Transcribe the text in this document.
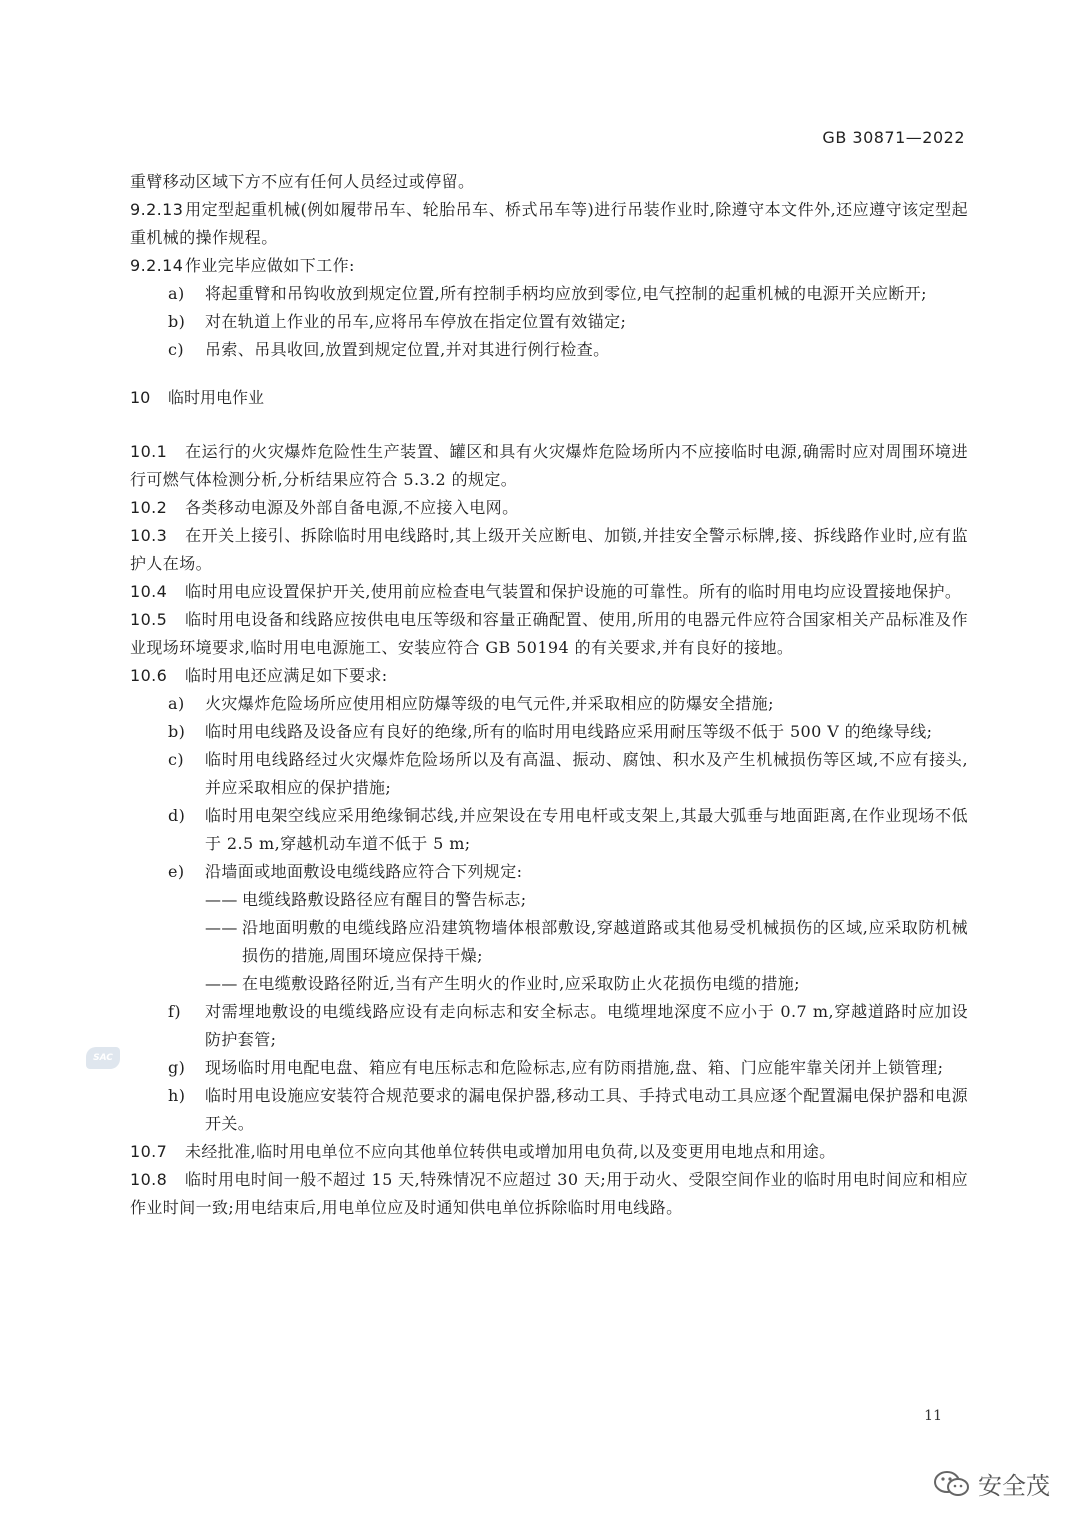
GB 30871—2022
SAC

重臂移动区域下方不应有任何人员经过或停留。

9.2.13 用定型起重机械(例如履带吊车、轮胎吊车、桥式吊车等)进行吊装作业时,除遵守本文件外,还应遵守该定型起重机械的操作规程。

9.2.14 作业完毕应做如下工作:

a) 将起重臂和吊钩收放到规定位置,所有控制手柄均应放到零位,电气控制的起重机械的电源开关应断开;

b) 对在轨道上作业的吊车,应将吊车停放在指定位置有效锚定;

c) 吊索、吊具收回,放置到规定位置,并对其进行例行检查。

10 临时用电作业

10.1 在运行的火灾爆炸危险性生产装置、罐区和具有火灾爆炸危险场所内不应接临时电源,确需时应对周围环境进行可燃气体检测分析,分析结果应符合 5.3.2 的规定。

10.2 各类移动电源及外部自备电源,不应接入电网。

10.3 在开关上接引、拆除临时用电线路时,其上级开关应断电、加锁,并挂安全警示标牌,接、拆线路作业时,应有监护人在场。

10.4 临时用电应设置保护开关,使用前应检查电气装置和保护设施的可靠性。所有的临时用电均应设置接地保护。

10.5 临时用电设备和线路应按供电电压等级和容量正确配置、使用,所用的电器元件应符合国家相关产品标准及作业现场环境要求,临时用电电源施工、安装应符合 GB 50194 的有关要求,并有良好的接地。

10.6 临时用电还应满足如下要求:

a) 火灾爆炸危险场所应使用相应防爆等级的电气元件,并采取相应的防爆安全措施;

b) 临时用电线路及设备应有良好的绝缘,所有的临时用电线路应采用耐压等级不低于 500 V 的绝缘导线;

c) 临时用电线路经过火灾爆炸危险场所以及有高温、振动、腐蚀、积水及产生机械损伤等区域,不应有接头,并应采取相应的保护措施;

d) 临时用电架空线应采用绝缘铜芯线,并应架设在专用电杆或支架上,其最大弧垂与地面距离,在作业现场不低于 2.5 m,穿越机动车道不低于 5 m;

e) 沿墙面或地面敷设电缆线路应符合下列规定:

—— 电缆线路敷设路径应有醒目的警告标志;

—— 沿地面明敷的电缆线路应沿建筑物墙体根部敷设,穿越道路或其他易受机械损伤的区域,应采取防机械损伤的措施,周围环境应保持干燥;

—— 在电缆敷设路径附近,当有产生明火的作业时,应采取防止火花损伤电缆的措施;

f) 对需埋地敷设的电缆线路应设有走向标志和安全标志。电缆埋地深度不应小于 0.7 m,穿越道路时应加设防护套管;

g) 现场临时用电配电盘、箱应有电压标志和危险标志,应有防雨措施,盘、箱、门应能牢靠关闭并上锁管理;

h) 临时用电设施应安装符合规范要求的漏电保护器,移动工具、手持式电动工具应逐个配置漏电保护器和电源开关。

10.7 未经批准,临时用电单位不应向其他单位转供电或增加用电负荷,以及变更用电地点和用途。

10.8 临时用电时间一般不超过 15 天,特殊情况不应超过 30 天;用于动火、受限空间作业的临时用电时间应和相应作业时间一致;用电结束后,用电单位应及时通知供电单位拆除临时用电线路。

11
安全茂
